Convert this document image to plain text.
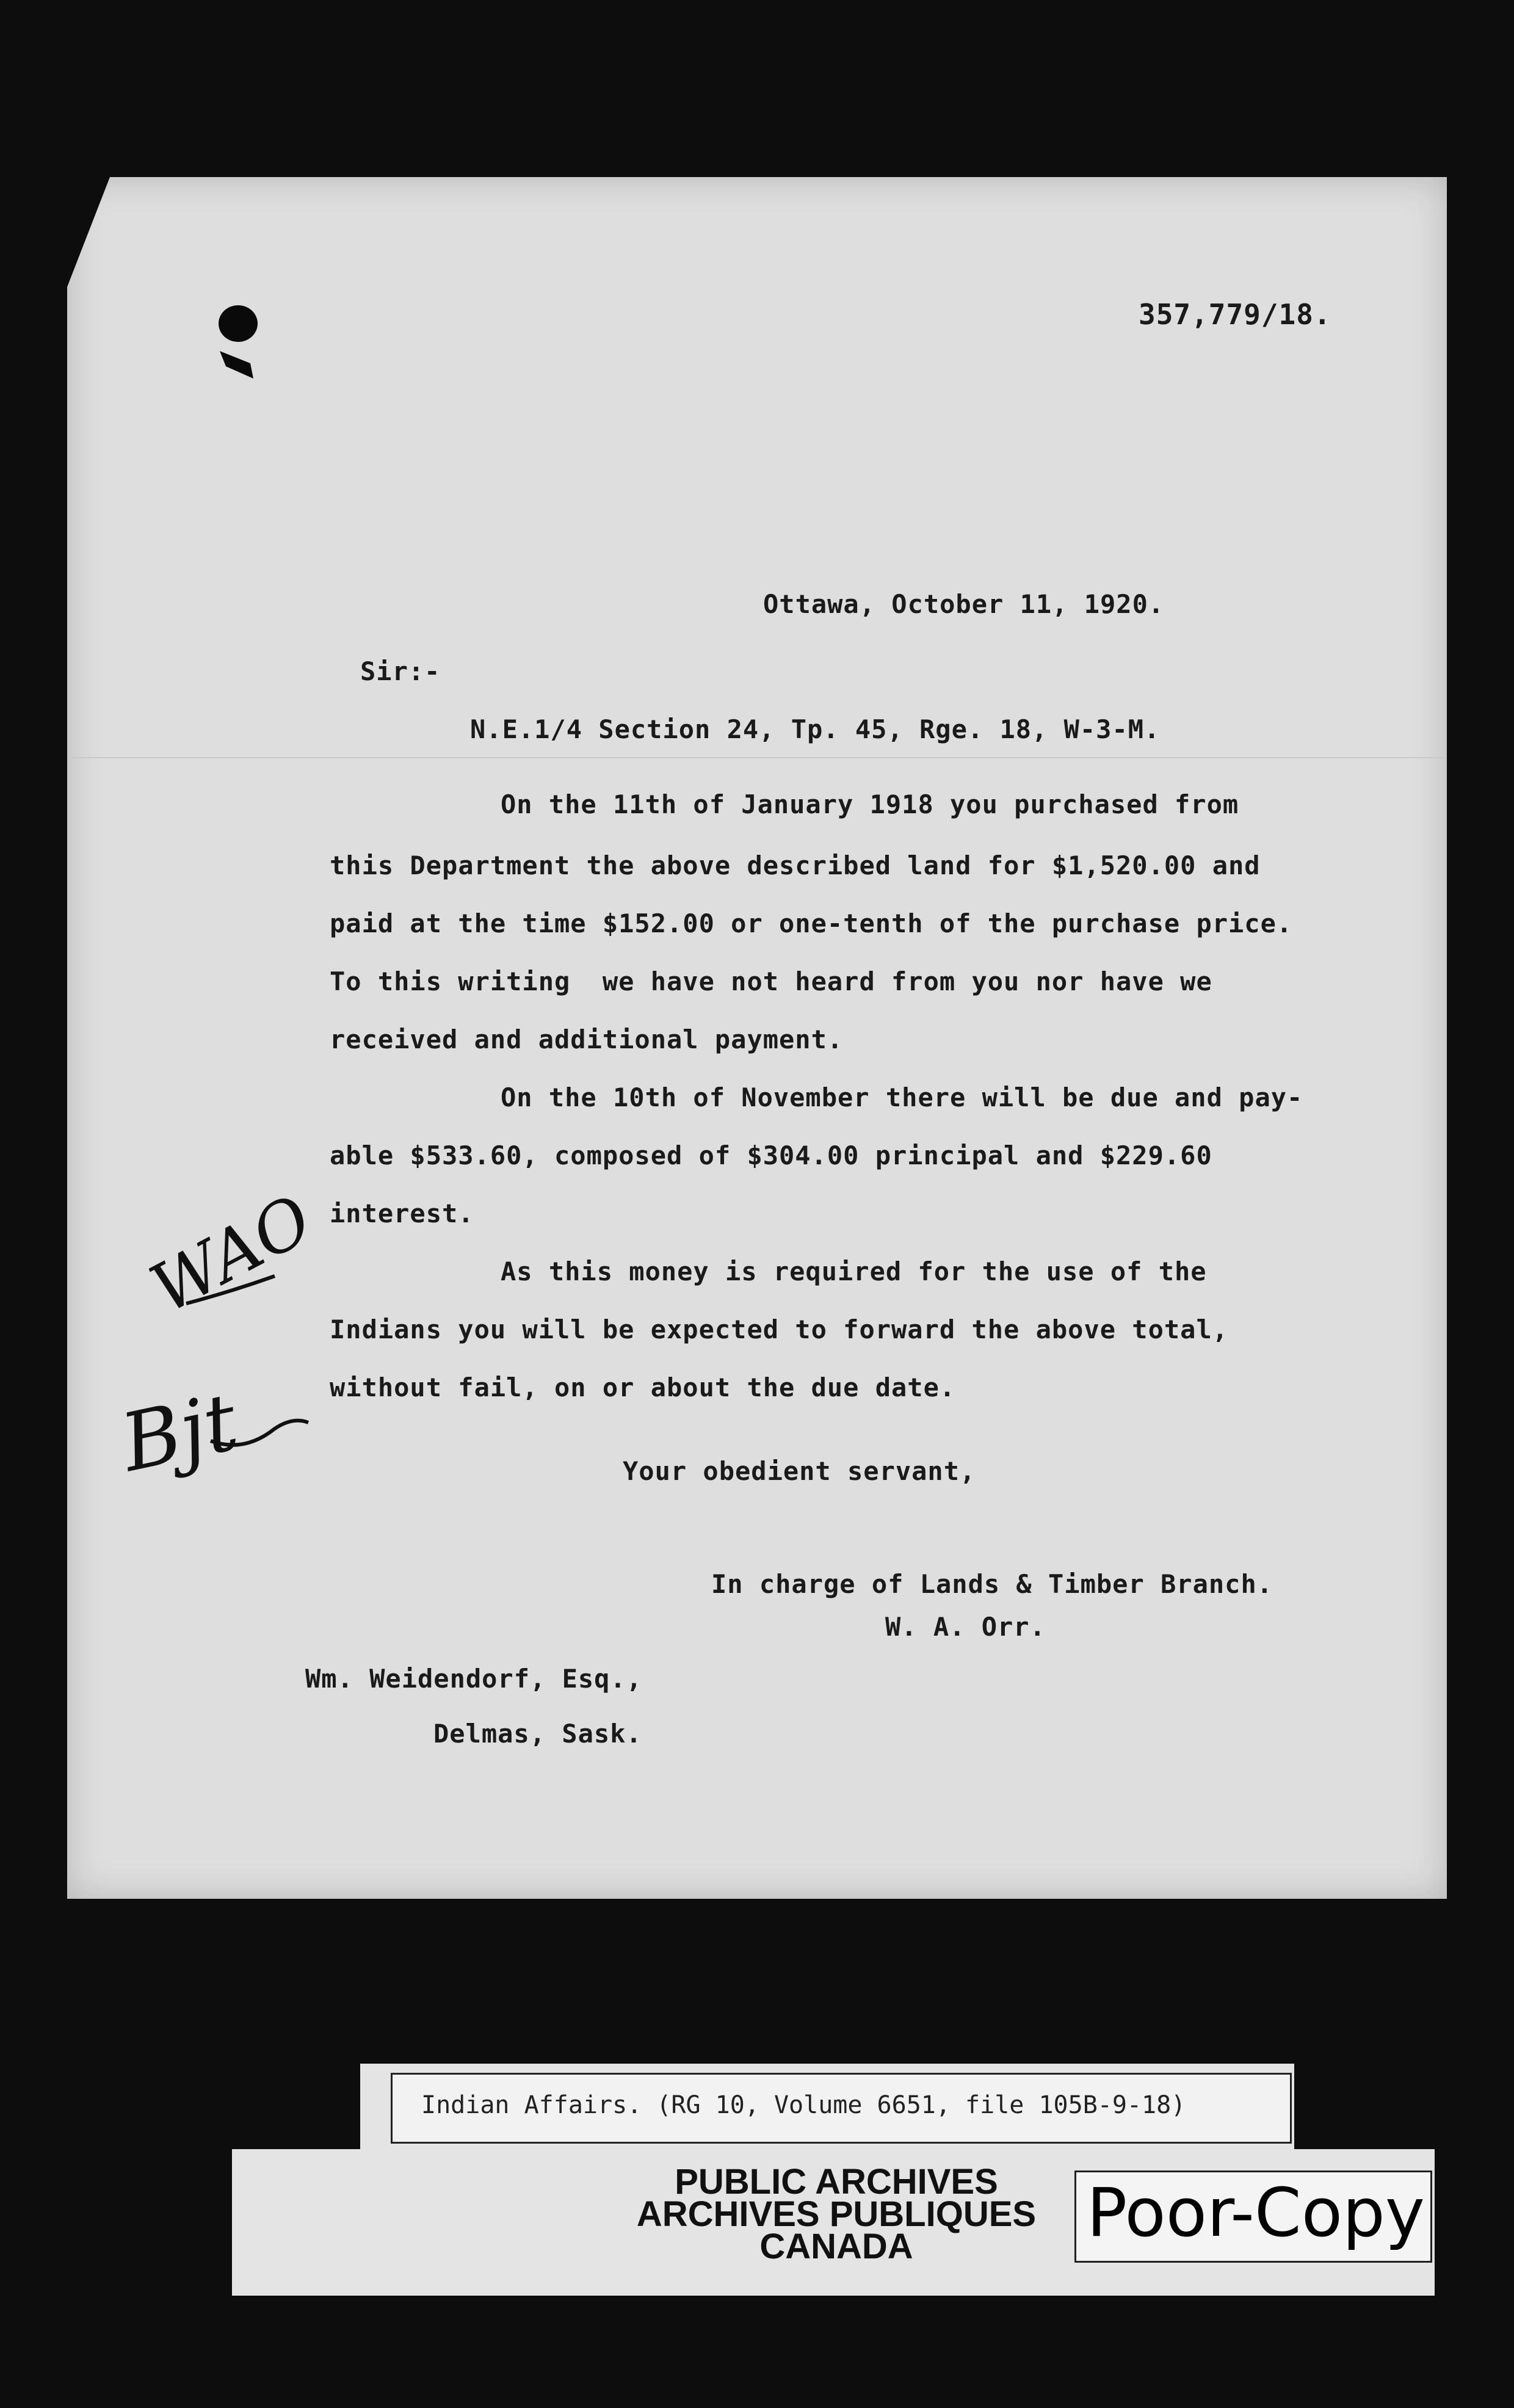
357,779/18.
Ottawa, October 11, 1920.
Sir:-
N.E.1/4 Section 24, Tp. 45, Rge. 18, W-3-M.
On the 11th of January 1918 you purchased from
this Department the above described land for $1,520.00 and
paid at the time $152.00 or one-tenth of the purchase price.
To this writing  we have not heard from you nor have we
received and additional payment.
On the 10th of November there will be due and pay-
able $533.60, composed of $304.00 principal and $229.60
interest.
As this money is required for the use of the
Indians you will be expected to forward the above total,
without fail, on or about the due date.
Your obedient servant,
In charge of Lands & Timber Branch.
W. A. Orr.
Wm. Weidendorf, Esq.,
Delmas, Sask.
WAO
Bjt
Indian Affairs. (RG 10, Volume 6651, file 105B-9-18)
PUBLIC ARCHIVES
ARCHIVES PUBLIQUES
CANADA	Poor-Copy
